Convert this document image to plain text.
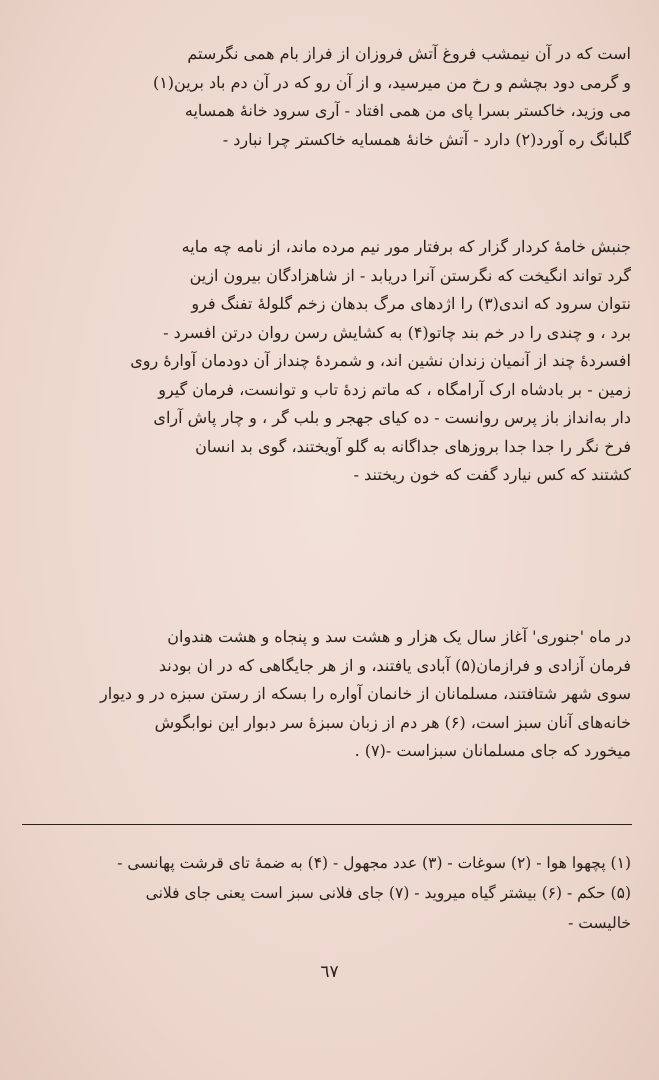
است که در آن نیمشب فروغ آتش فروزان از فراز بام همی نگرستم
و گرمی دود بچشم و رخ من میرسید، و از آن رو که در آن دم باد برین(۱)
می وزید، خاکستر بسرا پای من همی افتاد - آری سرود خانهٔ همسایه
گلبانگ ره آورد(۲) دارد - آتش خانهٔ همسایه خاکستر چرا نبارد -
جنبش خامهٔ کردار گزار که برفتار مور نیم مرده ماند، از نامه چه مایه
گرد تواند انگیخت که نگرستن آنرا دریابد - از شاهزادگان بیرون ازین
نتوان سرود که اندی(۳) را اژدهای مرگ بدهان زخم گلولهٔ تفنگ فرو
برد ، و چندی را در خم بند چاتو(۴) به کشایش رسن روان درتن افسرد -
افسردهٔ چند از آنمیان زندان نشین اند، و شمردهٔ چنداز آن دودمان آوارهٔ روی
زمین - بر بادشاه ارک آرامگاه ، که ماتم زدهٔ تاب و توانست، فرمان گیرو
دار به‌انداز باز پرس روانست - ده کیای جهجر و بلب گر ، و چار پاش آرای
فرخ نگر را جدا جدا بروزهای جداگانه به گلو آویختند، گوی بد انسان
کشتند که کس نیارد گفت که خون ریختند -
در ماه 'جنوری' آغاز سال یک هزار و هشت سد و پنجاه و هشت هندوان
فرمان آزادی و فرازمان(۵) آبادی یافتند، و از هر جایگاهی که در ان بودند
سوی شهر شتافتند، مسلمانان از خانمان آواره را بسکه از رستن سبزه در و دیوار
خانه‌های آنان سبز است، (۶) هر دم از زبان سبزهٔ سر دبوار این نوابگوش
میخورد که جای مسلمانان سبزاست -(۷) .
(۱) پچهوا هوا - (۲) سوغات - (۳) عدد مجهول - (۴) به ضمهٔ تای قرشت پهانسی -
(۵) حکم - (۶) بیشتر گیاه میروید - (۷) جای فلانی سبز است یعنی جای فلانی
خالیست -
٦٧
